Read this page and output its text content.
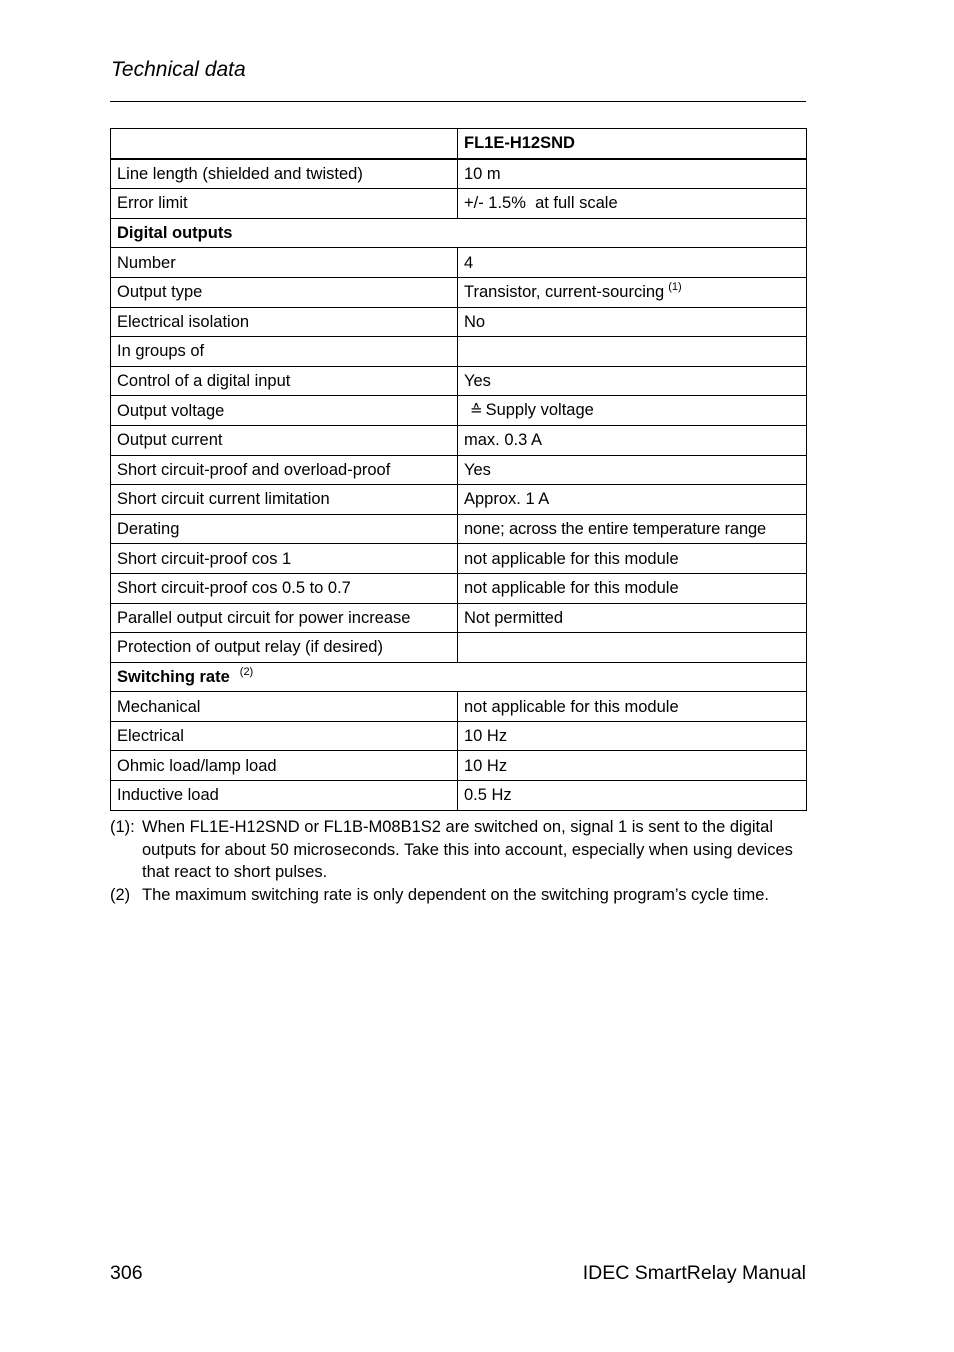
Technical data
	FL1E-H12SND
Line length (shielded and twisted)	10 m
Error limit	+/- 1.5%  at full scale
Digital outputs	
Number	4
Output type	Transistor, current-sourcing $^{(1)}$
Electrical isolation	No
In groups of	
Control of a digital input	Yes
Output voltage	≙ Supply voltage
Output current	max. 0.3 A
Short circuit-proof and overload-proof	Yes
Short circuit current limitation	Approx. 1 A
Derating	none; across the entire temperature range
Short circuit-proof cos 1	not applicable for this module
Short circuit-proof cos 0.5 to 0.7	not applicable for this module
Parallel output circuit for power increase	Not permitted
Protection of output relay (if desired)	
Switching rate $^{(2)}$
Mechanical	not applicable for this module
Electrical	10 Hz
Ohmic load/lamp load	10 Hz
Inductive load	0.5 Hz
(1): When FL1E-H12SND or FL1B-M08B1S2 are switched on, signal 1 is sent to the digital outputs for about 50 microseconds. Take this into account, especially when using devices that react to short pulses.
(2) The maximum switching rate is only dependent on the switching program’s cycle time.
306	IDEC SmartRelay Manual
